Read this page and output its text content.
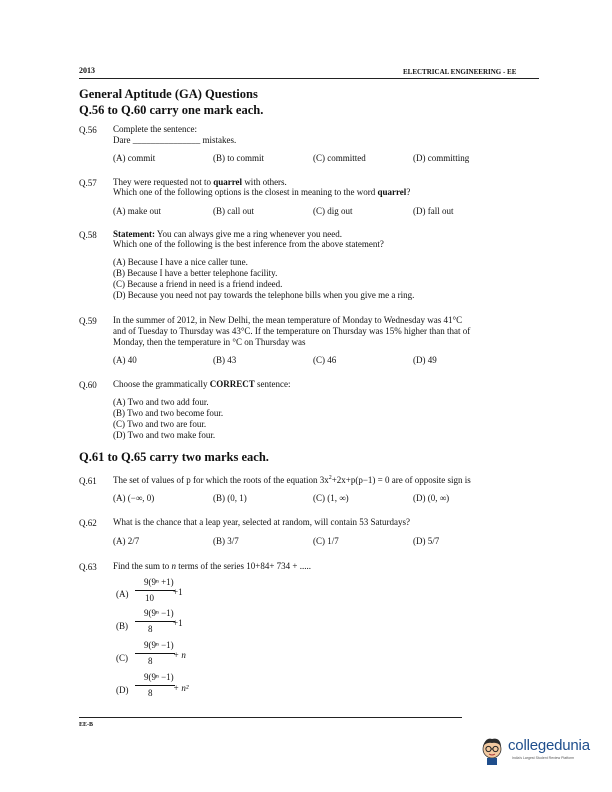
2013	ELECTRICAL ENGINEERING - EE
General Aptitude (GA) Questions
Q.56 to Q.60 carry one mark each.
Q.56 Complete the sentence:
Dare _______________ mistakes.
(A) commit	(B) to commit	(C) committed	(D) committing
Q.57 They were requested not to quarrel with others.
Which one of the following options is the closest in meaning to the word quarrel?
(A) make out	(B) call out	(C) dig out	(D) fall out
Q.58 Statement: You can always give me a ring whenever you need.
Which one of the following is the best inference from the above statement?
(A) Because I have a nice caller tune.
(B) Because I have a better telephone facility.
(C) Because a friend in need is a friend indeed.
(D) Because you need not pay towards the telephone bills when you give me a ring.
Q.59 In the summer of 2012, in New Delhi, the mean temperature of Monday to Wednesday was 41°C
and of Tuesday to Thursday was 43°C. If the temperature on Thursday was 15% higher than that of
Monday, then the temperature in °C on Thursday was
(A) 40	(B) 43	(C) 46	(D) 49
Q.60 Choose the grammatically CORRECT sentence:
(A) Two and two add four.
(B) Two and two become four.
(C) Two and two are four.
(D) Two and two make four.
Q.61 to Q.65 carry two marks each.
Q.61 The set of values of p for which the roots of the equation $3x^2+2x+p(p-1) = 0$ are of opposite sign is
(A) (−∞, 0)	(B) (0, 1)	(C) (1, ∞)	(D) (0, ∞)
Q.62 What is the chance that a leap year, selected at random, will contain 53 Saturdays?
(A) 2/7	(B) 3/7	(C) 1/7	(D) 5/7
Q.63 Find the sum to n terms of the series 10+84+ 734 + .....
(A)
9(9ⁿ +1)
10
+1
(B)
9(9ⁿ −1)
8
+1
(C)
9(9ⁿ −1)
8
+ n
(D)
9(9ⁿ −1)
8 + n²
EE-B
collegedunia
India's Largest Student Review Platform
